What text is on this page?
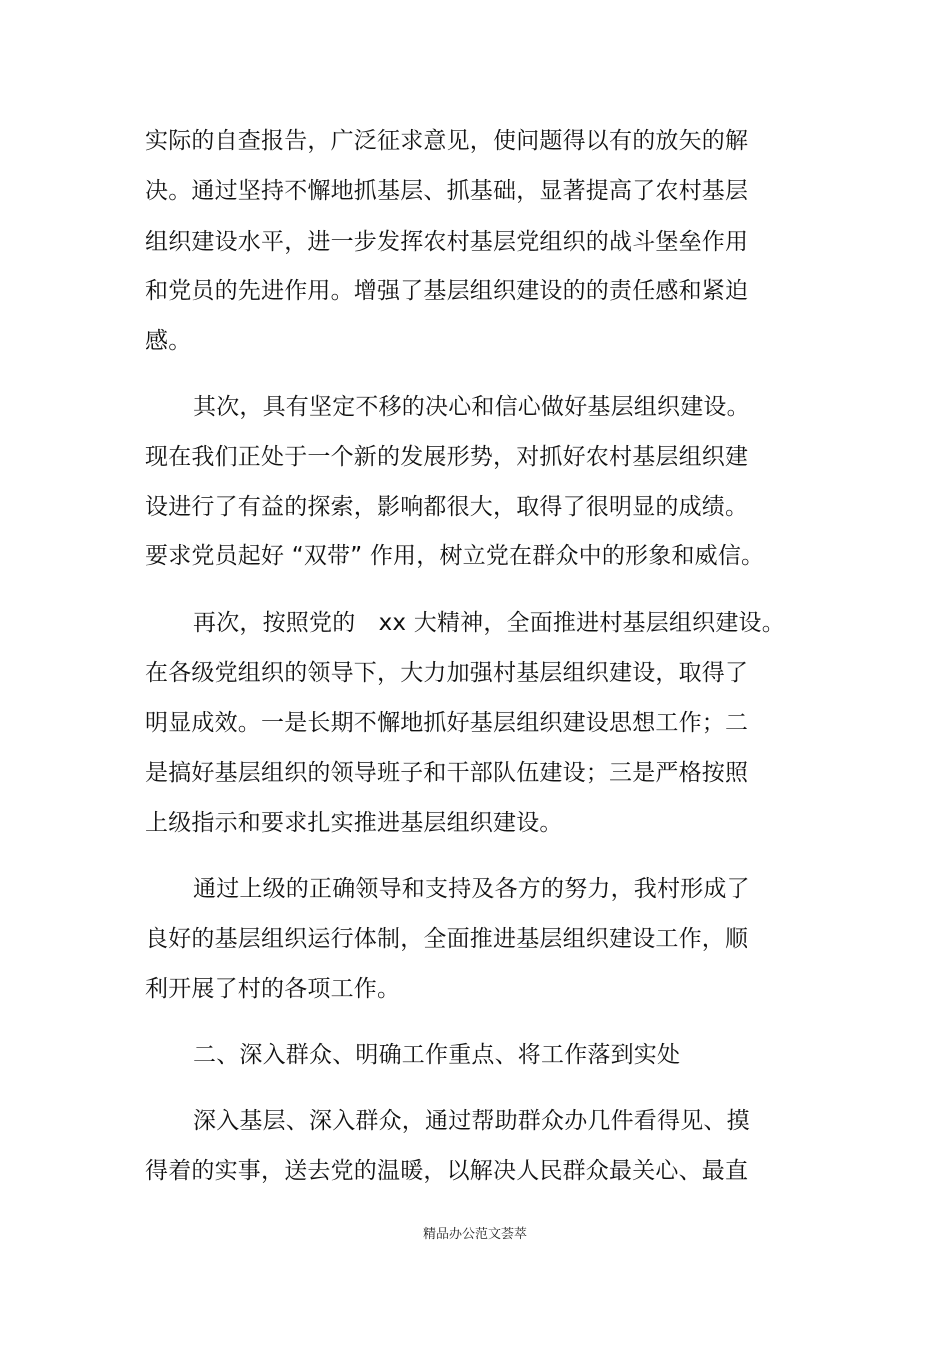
实际的自查报告，广泛征求意见，使问题得以有的放矢的解
决。通过坚持不懈地抓基层、抓基础，显著提高了农村基层
组织建设水平，进一步发挥农村基层党组织的战斗堡垒作用
和党员的先进作用。增强了基层组织建设的的责任感和紧迫
感。
其次，具有坚定不移的决心和信心做好基层组织建设。
现在我们正处于一个新的发展形势，对抓好农村基层组织建
设进行了有益的探索，影响都很大，取得了很明显的成绩。
要求党员起好 “双带” 作用，树立党在群众中的形象和威信。
再次，按照党的　xx 大精神，全面推进村基层组织建设。
在各级党组织的领导下，大力加强村基层组织建设，取得了
明显成效。一是长期不懈地抓好基层组织建设思想工作；二
是搞好基层组织的领导班子和干部队伍建设；三是严格按照
上级指示和要求扎实推进基层组织建设。
通过上级的正确领导和支持及各方的努力，我村形成了
良好的基层组织运行体制，全面推进基层组织建设工作，顺
利开展了村的各项工作。
二、深入群众、明确工作重点、将工作落到实处
深入基层、深入群众，通过帮助群众办几件看得见、摸
得着的实事，送去党的温暖，以解决人民群众最关心、最直
精品办公范文荟萃
